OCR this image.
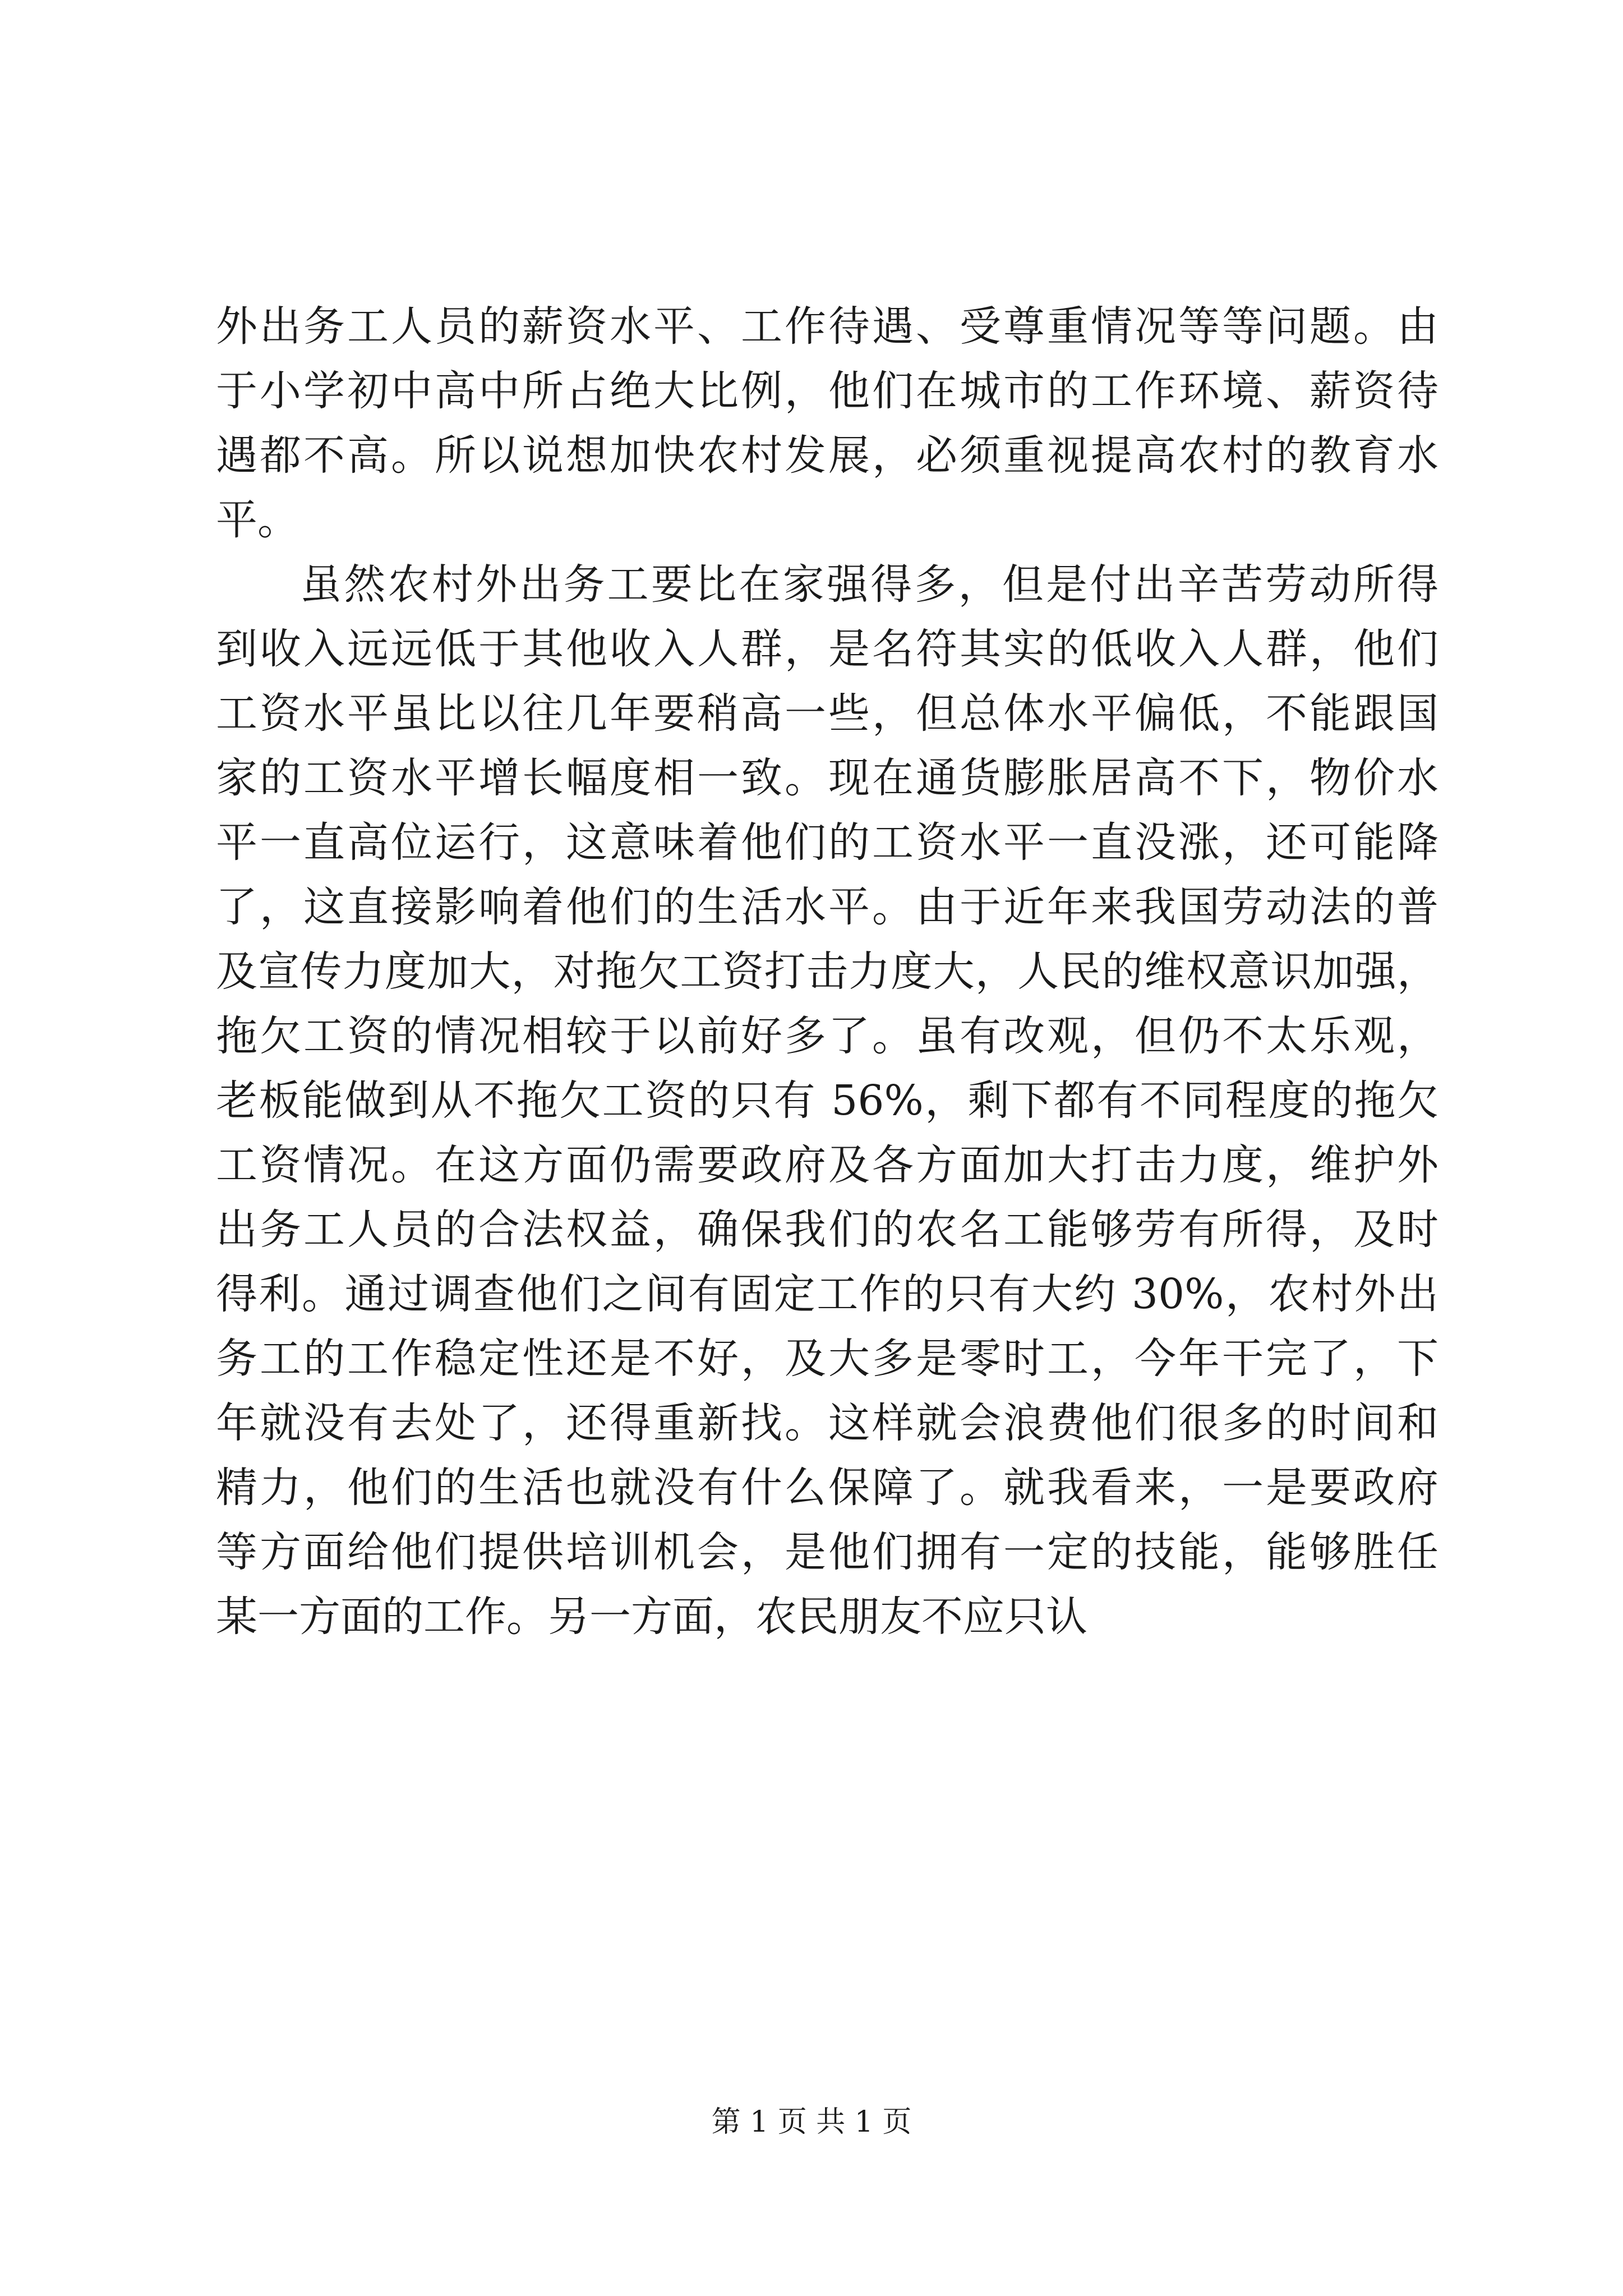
外出务工人员的薪资水平、工作待遇、受尊重情况等等问题。由
于小学初中高中所占绝大比例，他们在城市的工作环境、薪资待
遇都不高。所以说想加快农村发展，必须重视提高农村的教育水
平。
虽然农村外出务工要比在家强得多，但是付出辛苦劳动所得
到收入远远低于其他收入人群，是名符其实的低收入人群，他们
工资水平虽比以往几年要稍高一些，但总体水平偏低，不能跟国
家的工资水平增长幅度相一致。现在通货膨胀居高不下，物价水
平一直高位运行，这意味着他们的工资水平一直没涨，还可能降
了，这直接影响着他们的生活水平。由于近年来我国劳动法的普
及宣传力度加大，对拖欠工资打击力度大，人民的维权意识加强，
拖欠工资的情况相较于以前好多了。虽有改观，但仍不太乐观，
老板能做到从不拖欠工资的只有 56%，剩下都有不同程度的拖欠
工资情况。在这方面仍需要政府及各方面加大打击力度，维护外
出务工人员的合法权益，确保我们的农名工能够劳有所得，及时
得利。通过调查他们之间有固定工作的只有大约 30%，农村外出
务工的工作稳定性还是不好，及大多是零时工，今年干完了，下
年就没有去处了，还得重新找。这样就会浪费他们很多的时间和
精力，他们的生活也就没有什么保障了。就我看来，一是要政府
等方面给他们提供培训机会，是他们拥有一定的技能，能够胜任
某一方面的工作。另一方面，农民朋友不应只认
第 1 页 共 1 页
